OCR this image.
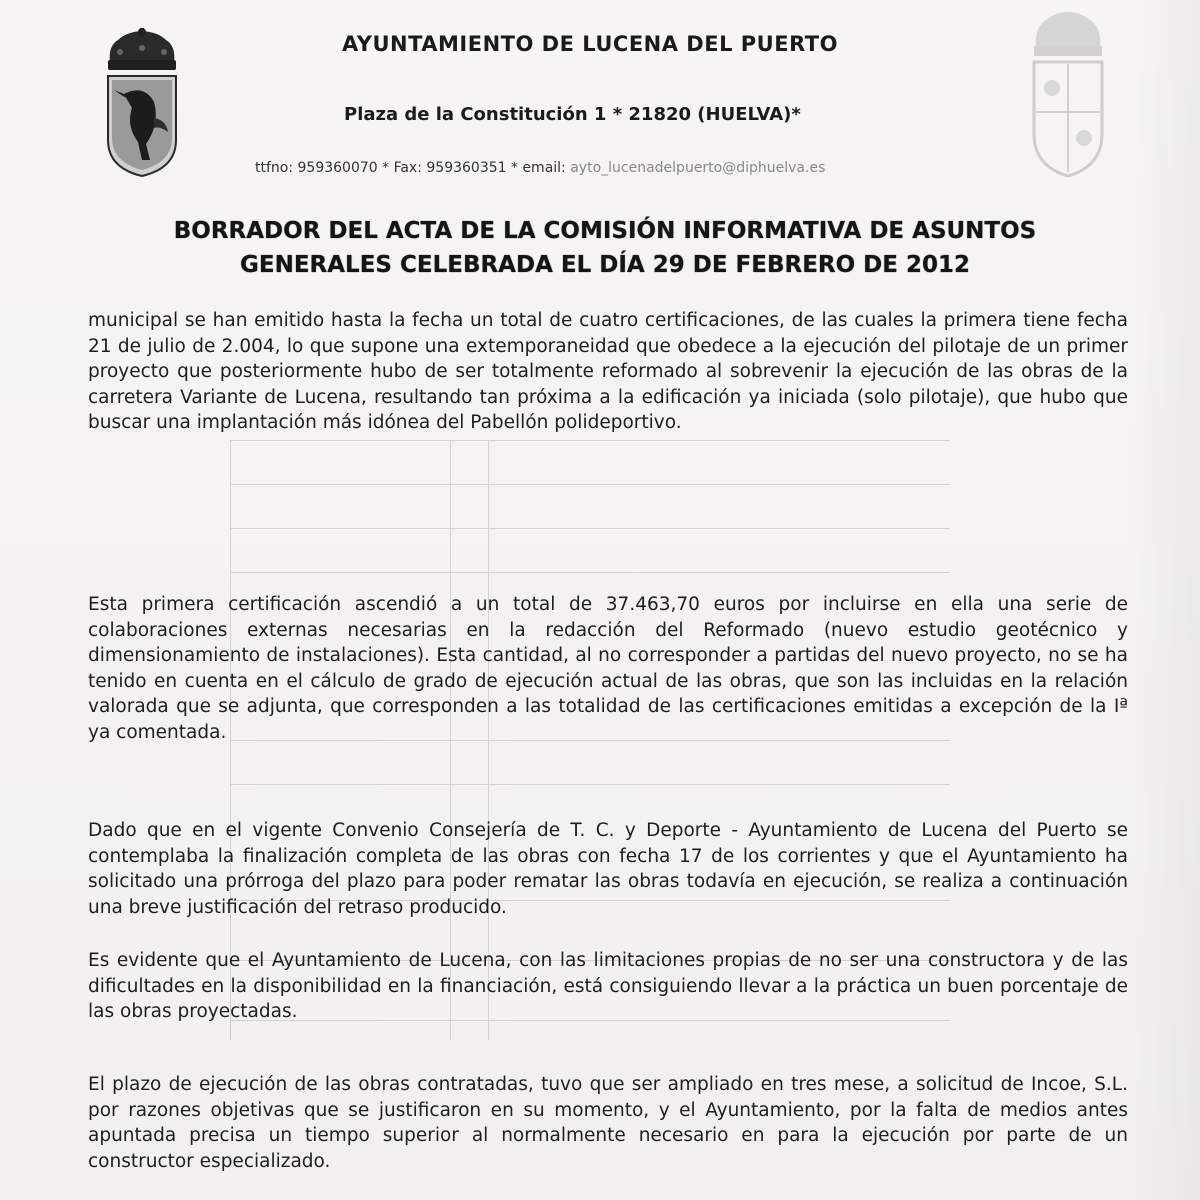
AYUNTAMIENTO DE LUCENA DEL PUERTO
Plaza de la Constitución 1 * 21820 (HUELVA)*
ttfno: 959360070 * Fax: 959360351 * email: ayto_lucenadelpuerto@diphuelva.es
BORRADOR DEL ACTA DE LA COMISIÓN INFORMATIVA DE ASUNTOS
GENERALES CELEBRADA EL DÍA 29 DE FEBRERO DE 2012
municipal se han emitido hasta la fecha un total de cuatro certificaciones, de las cuales la primera tiene fecha 21 de julio de 2.004, lo que supone una extemporaneidad que obedece a la ejecución del pilotaje de un primer proyecto que posteriormente hubo de ser totalmente reformado al sobrevenir la ejecución de las obras de la carretera Variante de Lucena, resultando tan próxima a la edificación ya iniciada (solo pilotaje), que hubo que buscar una implantación más idónea del Pabellón polideportivo.
Esta primera certificación ascendió a un total de 37.463,70 euros por incluirse en ella una serie de colaboraciones externas necesarias en la redacción del Reformado (nuevo estudio geotécnico y dimensionamiento de instalaciones). Esta cantidad, al no corresponder a partidas del nuevo proyecto, no se ha tenido en cuenta en el cálculo de grado de ejecución actual de las obras, que son las incluidas en la relación valorada que se adjunta, que corresponden a las totalidad de las certificaciones emitidas a excepción de la Iª ya comentada.
Dado que en el vigente Convenio Consejería de T. C. y Deporte - Ayuntamiento de Lucena del Puerto se contemplaba la finalización completa de las obras con fecha 17 de los corrientes y que el Ayuntamiento ha solicitado una prórroga del plazo para poder rematar las obras todavía en ejecución, se realiza a continuación una breve justificación del retraso producido.
Es evidente que el Ayuntamiento de Lucena, con las limitaciones propias de no ser una constructora y de las dificultades en la disponibilidad en la financiación, está consiguiendo llevar a la práctica un buen porcentaje de las obras proyectadas.
El plazo de ejecución de las obras contratadas, tuvo que ser ampliado en tres mese, a solicitud de Incoe, S.L. por razones objetivas que se justificaron en su momento, y el Ayuntamiento, por la falta de medios antes apuntada precisa un tiempo superior al normalmente necesario en para la ejecución por parte de un constructor especializado.
